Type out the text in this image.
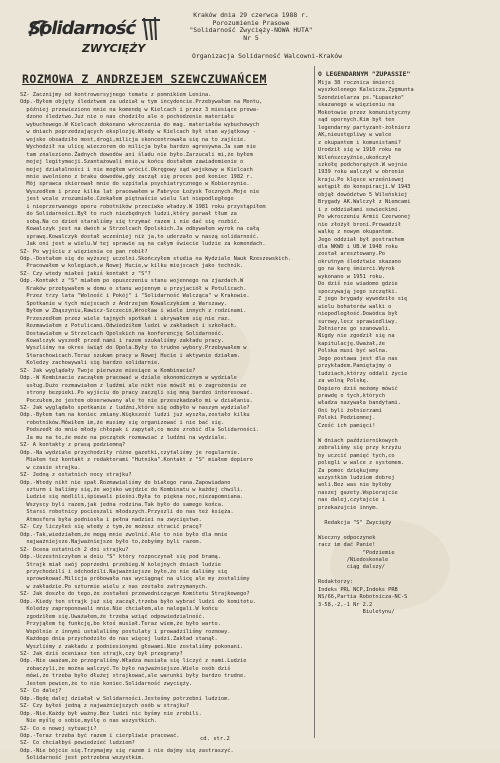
Solidarność
ZWYCIĘŻY
Kraków dnia 29 czerwca 1988 r.
Porozumienie Prasowe
"Solidarność Zwycięży-NOWA HUTA"
Nr 5
Organizacja Solidarność Walcowni-Kraków
ROZMOWA Z ANDRZEJEM SZEWCZUWAŃCEM
SZ- Zacznijmy od kontrowersyjnego tematu z pomnikiem Lenina.
Odp.-Byłem objęty śledztwem za udział w tym incydencie.Przebywałem na Montu,
później przewieziono mnie na komendę w Kielcach i przez 3 miesiące prowa-
dzono śledztwo.Już nie o nas chodziło ale o pochodzenie materiału
wybuchowego.W Kielcach dokonano wkroczenia do mag. materiałów wybuchowych
w dniach poprzedzających eksplozję.Wtedy w Kielcach był stan wyjątkowy -
wojsko obsadziło most,drogi,milicja skoncentrowała się na to zajście.
Wychodził na ulicę wieczorem do milicja była bardzo agresywna.Ja sam nie
tam znaleziono.Żadnych dowodów ani śladu nie było.Zarzucali mi,że byłem
mojej legitymacji.Szantażowali mnie,w końcu dostałem zawiadomienie o
mojej działalności i nie mogłem wrócić.Okręgowy sąd wojskowy w Kielcach
mnie uwolniono z braku dowodów,gdy zaczął się proces pod koniec 1982 r.
Mój sprawca skierował mnie do szpitala psychiatrycznego w Kobierzynie.
Wyszedłem i przez kilka lat pracowałem w Fabryce Łożysk Tocznych.Moje nie
jest wcale zrozumiałe.Czekałem piętnaście wielu lat niepodległego
i nieprzerwanego oporu robotników przeciwko władzy.W 1981 roku przystąpiłem
do Solidarności.Był to ruch niezbędnych ludzi,który porwał tłum za
sobą.Na co dzień staraliśmy się trzymać razem i nie dać się rozbić.
Kowalczyk jest na dwóch w Strzelcach Opolskich.Ja odbywałem wyrok na całą
sprawę.Kowalczyk dostał wcześniej niż ja,to uderzało w naszą solidarność.
Jak oni jest w wielu.W tej sprawie są na całym świecie ludzie za komendach.
SZ- Po wyjściu z więzienia co pan robił?
Odp.-Dostałem się do wyższej uczelni.Skończyłem studia na Wydziale Nauk Rzeszowskich.
Pracowałem w kolegiach,w Nowej Hucie,w kilku miejscach jako technik.
SZ- Czy wtedy miałeś jakiś kontakt z "S"?
Odp.-Kontakt z "S" miałem po opuszczeniu stanu wojennego na zjazdach.W
Kraków przebywałem w domu o stanu wojennym u przyjaciół w Potulicach.
Przez trzy lata "Wolność i Pokój" i "Solidarność Walcząca" w Krakowie.
Spotkanie w tych miejscach z Andrzejem Kowalczykiem z Warszawy.
Byłem w Zbąszyniu,Rawicz-Szczecin,Wrocław i wiele innych z rodzinami.
Przeszedłem przez wiele tajnych spotkań i ukrywałem się nie raz.
Rozmawiałem z Potulicami.Odwiedziłem ludzi w zakładach i szkołach.
Dostawiałem w Strzelcach Opolskich na konferencję Solidarność.
Kowalczyk wyszedł przed nami i razem szukaliśmy zakładu pracy.
Wyszliśmy na okres świąt do Opola.Były to trudne wybory.Przebywałem w
Starachowicach.Teraz szukam pracy w Nowej Hucie i aktywnie działam.
Koledzy zachowywali się bardzo solidarnie.
SZ- Jak wyglądały Twoje pierwsze miesiące w Kombinacie?
Odp.-W Kombinacie zacząłem pracować w dziale ekonomicznym w wydziale
usług.Dużo rozmawiałem z ludźmi ale nikt nie mówił mi o zagrożeniu ze
strony bezpieki.Po wyjściu do pracy zaczęli się mną bardzo interesować.
Poczułem,że jestem obserwowany ale to nie przeszkadzało mi w działaniu.
SZ- Jak wyglądało spotkanie z ludźmi,które się odbyło w naszym wydziale?
Odp.-Byłem tam na koniec zmiany.Większość ludzi już wyszła,zostało kilku
robotników.Mówiłem im,że musimy się organizować i nie bać się.
Podszedł do mnie młody chłopak i zapytał,co może zrobić dla Solidarności.
Ja mu na to,że może na początek rozmawiać z ludźmi na wydziale.
SZ- A kontakty z prasą podziemną?
Odp.-Na wydziale przychodziły różne gazetki,czytaliśmy je regularnie.
Miałem też kontakt z redaktorami "Hutnika".Kontakt z "S" miałem dopiero
w czasie strajku.
SZ- Jedną z ostatnich nocy strajku?
Odp.-Wtedy nikt nie spał.Rozmawialiśmy do białego rana.Zapowiadano
szturm i baliśmy się,że wojsko wejdzie do Kombinatu w każdej chwili.
Ludzie się modlili,śpiewali pieśni.Była to piękna noc,niezapomniana.
Wszyscy byli razem,jak jedna rodzina.Tak było do samego końca.
Starsi robotnicy pocieszali młodszych.Przyszli do nas też księża.
Atmosfera była podniosła i pełna nadziei na zwycięstwo.
SZ- Czy liczyłeś się wtedy z tym,że możesz stracić pracę?
Odp.-Tak,wiedziałem,że mogą mnie zwolnić.Ale to nie było dla mnie
najważniejsze.Najważniejsze było to,żebyśmy byli razem.
SZ- Ocena ostatnich 2 dni strajku?
Odp.-Uczestniczyłem w dniu "S" który rozpoczynał się pod bramą.
Strajk miał swój poprzedni przebieg.W kolejnych dniach ludzie
przychodzili i odchodzili.Najważniejsze było,że nie daliśmy się
sprowokować.Milicja próbowała nas wyciągnąć na ulicę ale my zostaliśmy
w zakładzie.Po szturmie wielu z nas zostało zatrzymanych.
SZ- Jak doszło do tego,że zostałeś przewodniczącym Komitetu Strajkowego?
Odp.-Kiedy ten strajk już się zaczął,trzeba było wybrać ludzi do komitetu.
Koledzy zaproponowali mnie.Nie chciałem,ale nalegali.W końcu
zgodziłem się.Uważałem,że trzeba wziąć odpowiedzialność.
Przyjąłem tę funkcję,bo ktoś musiał.Teraz wiem,że było warto.
Wspólnie z innymi ustalaliśmy postulaty i prowadziliśmy rozmowy.
Każdego dnia przychodziło do nas więcej ludzi.Zakład stanął.
Wyszliśmy z zakładu z podniesionymi głowami.Nie zostaliśmy pokonani.
SZ- Jak dziś oceniasz ten strajk,czy był przegrany?
Odp.-Nie uważam,że przegraliśmy.Władza musiała się liczyć z nami.Ludzie
zobaczyli,że można walczyć.To było najważniejsze.Wiele osób dziś
mówi,że trzeba było dłużej strajkować,ale warunki były bardzo trudne.
Jestem pewien,że to nie koniec.Solidarność zwycięży.
SZ- Co dalej?
Odp.-Będę dalej działał w Solidarności.Jesteśmy potrzebni ludziom.
SZ- Czy byłeś jedną z najważniejszych osób w strajku?
Odp.-Nie.Każdy był ważny.Bez ludzi nic byśmy nie zrobili.
Nie myślę o sobie,myślę o nas wszystkich.
SZ- Co o nowej sytuacji?
Odp.-Teraz trzeba być razem i cierpliwie pracować.
SZ- Co chciałbyś powiedzieć ludziom?
Odp.-Nie bójcie się.Trzymajmy się razem i nie dajmy się zastraszyć.
Solidarność jest potrzebna wszystkim.
O LEGENDARNYM "ZUPASSIE"
Mija 38 rocznica śmierci
wyszkolonego Kaleicza,Zygmunta
Szendzielarza ps."Łupaszko"
skazanego w więzieniu na
Mokotowie przez komunistyczny
sąd opornych.Kim był ten
legendarny partyzant-żołnierz
AK,nieustępliwy w walce
z okupantem i komunistami?
Urodził się w 1910 roku na
Wileńszczyźnie,ukończył
szkołę podchorążych.W wojnie
1939 roku walczył w obronie
kraju.Po klęsce wrześniowej
wstąpił do konspiracji.W 1943
objął dowództwo 5 Wileńskiej
Brygady AK.Walczył z Niemcami
i z oddziałami sowieckimi.
Po wkroczeniu Armii Czerwonej
nie złożył broni.Prowadził
walkę z nowym okupantem.
Jego oddział był postrachem
dla NKWD i UB.W 1948 roku
został aresztowany.Po
okrutnym śledztwie skazano
go na karę śmierci.Wyrok
wykonano w 1951 roku.
Do dziś nie wiadomo gdzie
spoczywają jego szczątki.
Z jego brygady wywodziło się
wielu bohaterów walki o
niepodległość.Dowódca był
surowy,lecz sprawiedliwy.
Żołnierze go szanowali.
Nigdy nie zgodził się na
kapitulację.Uważał,że
Polska musi być wolna.
Jego postawa jest dla nas
przykładem.Pamiętajmy o
ludziach,którzy oddali życie
za wolną Polskę.
Dopiero dziś możemy mówić
prawdę o tych,których
władza nazywała bandytami.
Oni byli żołnierzami
Polski Podziemnej.
Cześć ich pamięci!

W dniach październikowych
zebraliśmy się przy krzyżu
by uczcić pamięć tych,co
polegli w walce z systemem.
Za pomoc dziękujemy
wszystkim ludziom dobrej
woli.Bez was nie byłoby
naszej gazety.Wspierajcie
nas dalej,czytajcie i
przekazujcie innym.

Redakcja "S" Zwycięży

Wieczny odpoczynek
racz im dać Panie!
"Podziemie
/Niedoskonale
ciąg dalszy/

Redaktorzy:
Indeks PRL NCP,Indeks PRB
NS/66,Partia Robotnicza-NC-S
3-58,-2,-1 Nr 2.2
Biuletynu/
cd. str.2
